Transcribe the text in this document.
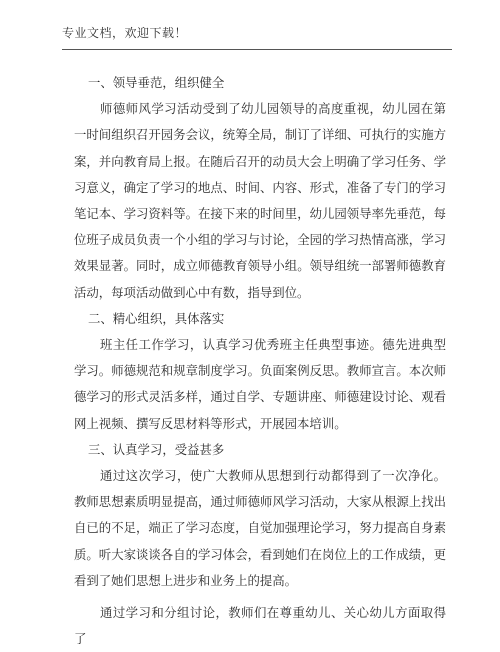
专业文档，欢迎下载！

一、领导垂范，组织健全

师德师风学习活动受到了幼儿园领导的高度重视，幼儿园在第一时间组织召开园务会议，统筹全局，制订了详细、可执行的实施方案，并向教育局上报。在随后召开的动员大会上明确了学习任务、学习意义，确定了学习的地点、时间、内容、形式，准备了专门的学习笔记本、学习资料等。在接下来的时间里，幼儿园领导率先垂范，每位班子成员负责一个小组的学习与讨论，全园的学习热情高涨，学习效果显著。同时，成立师德教育领导小组。领导组统一部署师德教育活动，每项活动做到心中有数，指导到位。

二、精心组织，具体落实

班主任工作学习，认真学习优秀班主任典型事迹。德先进典型学习。师德规范和规章制度学习。负面案例反思。教师宣言。本次师德学习的形式灵活多样，通过自学、专题讲座、师德建设讨论、观看网上视频、撰写反思材料等形式，开展园本培训。

三、认真学习，受益甚多

通过这次学习，使广大教师从思想到行动都得到了一次净化。教师思想素质明显提高，通过师德师风学习活动，大家从根源上找出自已的不足，端正了学习态度，自觉加强理论学习，努力提高自身素质。听大家谈谈各自的学习体会，看到她们在岗位上的工作成绩，更看到了她们思想上进步和业务上的提高。

通过学习和分组讨论，教师们在尊重幼儿、关心幼儿方面取得了
